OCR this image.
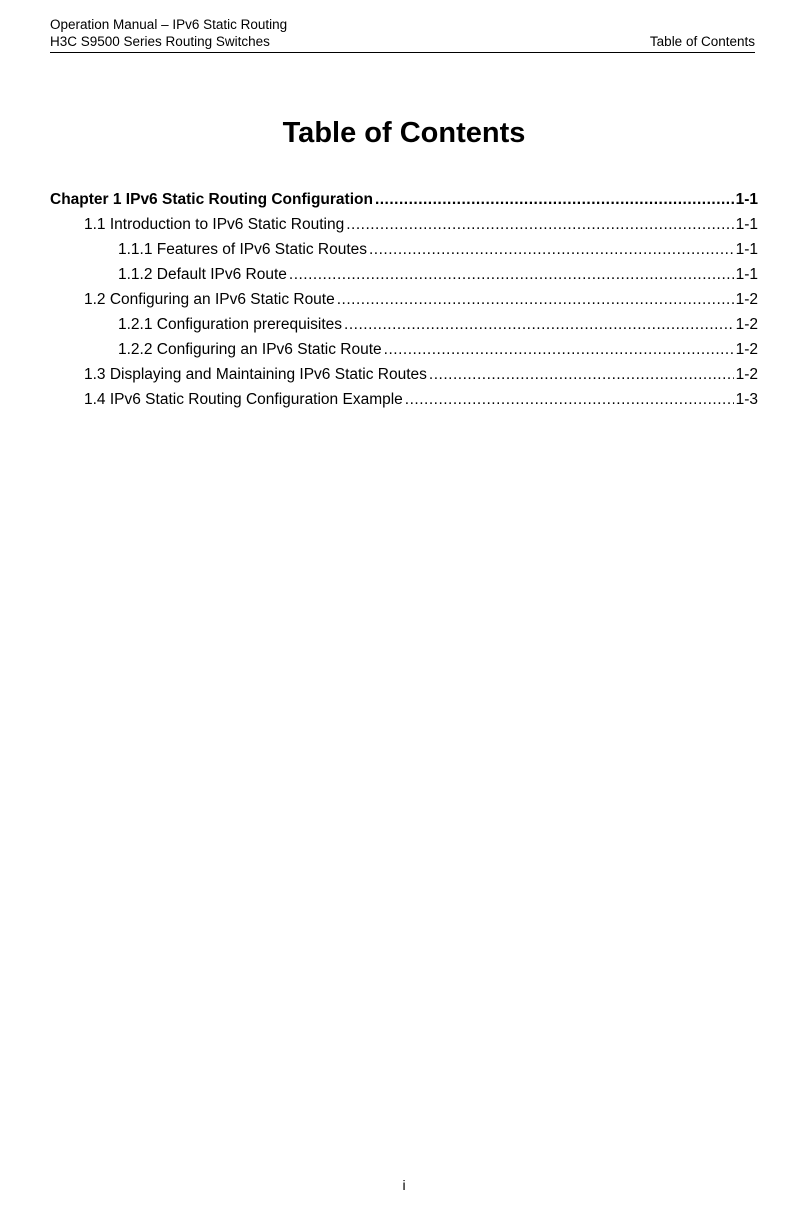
Operation Manual – IPv6 Static Routing
H3C S9500 Series Routing Switches	Table of Contents
Table of Contents
Chapter 1 IPv6 Static Routing Configuration .....	1-1
1.1 Introduction to IPv6 Static Routing .....	1-1
1.1.1 Features of IPv6 Static Routes .....	1-1
1.1.2 Default IPv6 Route .....	1-1
1.2 Configuring an IPv6 Static Route .....	1-2
1.2.1 Configuration prerequisites .....	1-2
1.2.2 Configuring an IPv6 Static Route .....	1-2
1.3 Displaying and Maintaining IPv6 Static Routes .....	1-2
1.4 IPv6 Static Routing Configuration Example .....	1-3
i
